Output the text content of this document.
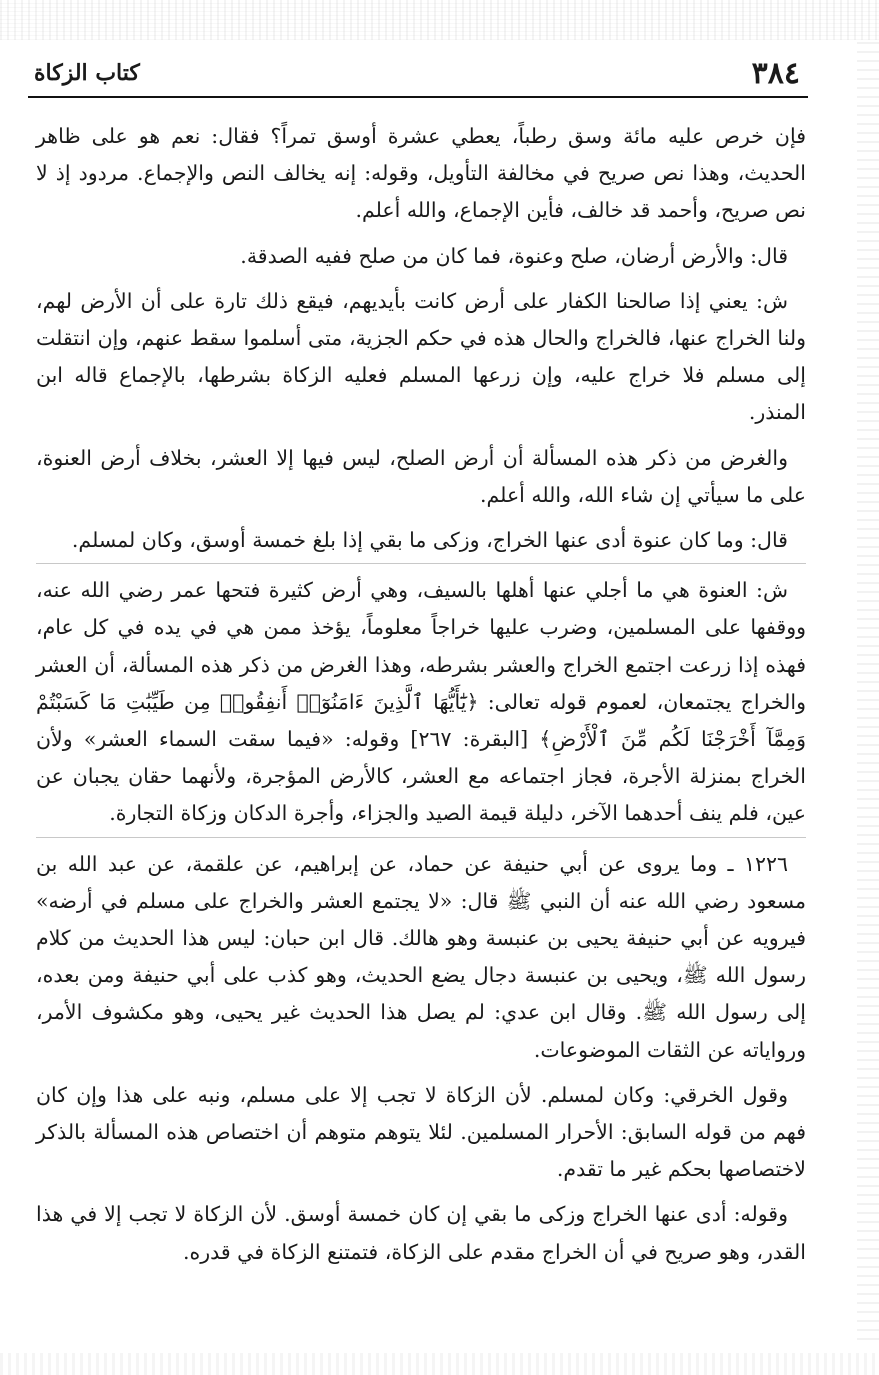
٣٨٤
كتاب الزكاة

فإن خرص عليه مائة وسق رطباً، يعطي عشرة أوسق تمراً؟ فقال: نعم هو على ظاهر الحديث، وهذا نص صريح في مخالفة التأويل، وقوله: إنه يخالف النص والإجماع. مردود إذ لا نص صريح، وأحمد قد خالف، فأين الإجماع، والله أعلم.

قال: والأرض أرضان، صلح وعنوة، فما كان من صلح ففيه الصدقة.

ش: يعني إذا صالحنا الكفار على أرض كانت بأيديهم، فيقع ذلك تارة على أن الأرض لهم، ولنا الخراج عنها، فالخراج والحال هذه في حكم الجزية، متى أسلموا سقط عنهم، وإن انتقلت إلى مسلم فلا خراج عليه، وإن زرعها المسلم فعليه الزكاة بشرطها، بالإجماع قاله ابن المنذر.

والغرض من ذكر هذه المسألة أن أرض الصلح، ليس فيها إلا العشر، بخلاف أرض العنوة، على ما سيأتي إن شاء الله، والله أعلم.

قال: وما كان عنوة أدى عنها الخراج، وزكى ما بقي إذا بلغ خمسة أوسق، وكان لمسلم.

ش: العنوة هي ما أجلي عنها أهلها بالسيف، وهي أرض كثيرة فتحها عمر رضي الله عنه، ووقفها على المسلمين، وضرب عليها خراجاً معلوماً، يؤخذ ممن هي في يده في كل عام، فهذه إذا زرعت اجتمع الخراج والعشر بشرطه، وهذا الغرض من ذكر هذه المسألة، أن العشر والخراج يجتمعان، لعموم قوله تعالى: ﴿يَٰٓأَيُّهَا ٱلَّذِينَ ءَامَنُوٓا۟ أَنفِقُوا۟ مِن طَيِّبَٰتِ مَا كَسَبْتُمْ وَمِمَّآ أَخْرَجْنَا لَكُم مِّنَ ٱلْأَرْضِ﴾ [البقرة: ٢٦٧] وقوله: «فيما سقت السماء العشر» ولأن الخراج بمنزلة الأجرة، فجاز اجتماعه مع العشر، كالأرض المؤجرة، ولأنهما حقان يجبان عن عين، فلم ينف أحدهما الآخر، دليلة قيمة الصيد والجزاء، وأجرة الدكان وزكاة التجارة.

١٢٢٦ ـ وما يروى عن أبي حنيفة عن حماد، عن إبراهيم، عن علقمة، عن عبد الله بن مسعود رضي الله عنه أن النبي ﷺ قال: «لا يجتمع العشر والخراج على مسلم في أرضه» فيرويه عن أبي حنيفة يحيى بن عنبسة وهو هالك. قال ابن حبان: ليس هذا الحديث من كلام رسول الله ﷺ، ويحيى بن عنبسة دجال يضع الحديث، وهو كذب على أبي حنيفة ومن بعده، إلى رسول الله ﷺ. وقال ابن عدي: لم يصل هذا الحديث غير يحيى، وهو مكشوف الأمر، ورواياته عن الثقات الموضوعات.

وقول الخرقي: وكان لمسلم. لأن الزكاة لا تجب إلا على مسلم، ونبه على هذا وإن كان فهم من قوله السابق: الأحرار المسلمين. لئلا يتوهم متوهم أن اختصاص هذه المسألة بالذكر لاختصاصها بحكم غير ما تقدم.

وقوله: أدى عنها الخراج وزكى ما بقي إن كان خمسة أوسق. لأن الزكاة لا تجب إلا في هذا القدر، وهو صريح في أن الخراج مقدم على الزكاة، فتمتنع الزكاة في قدره.
